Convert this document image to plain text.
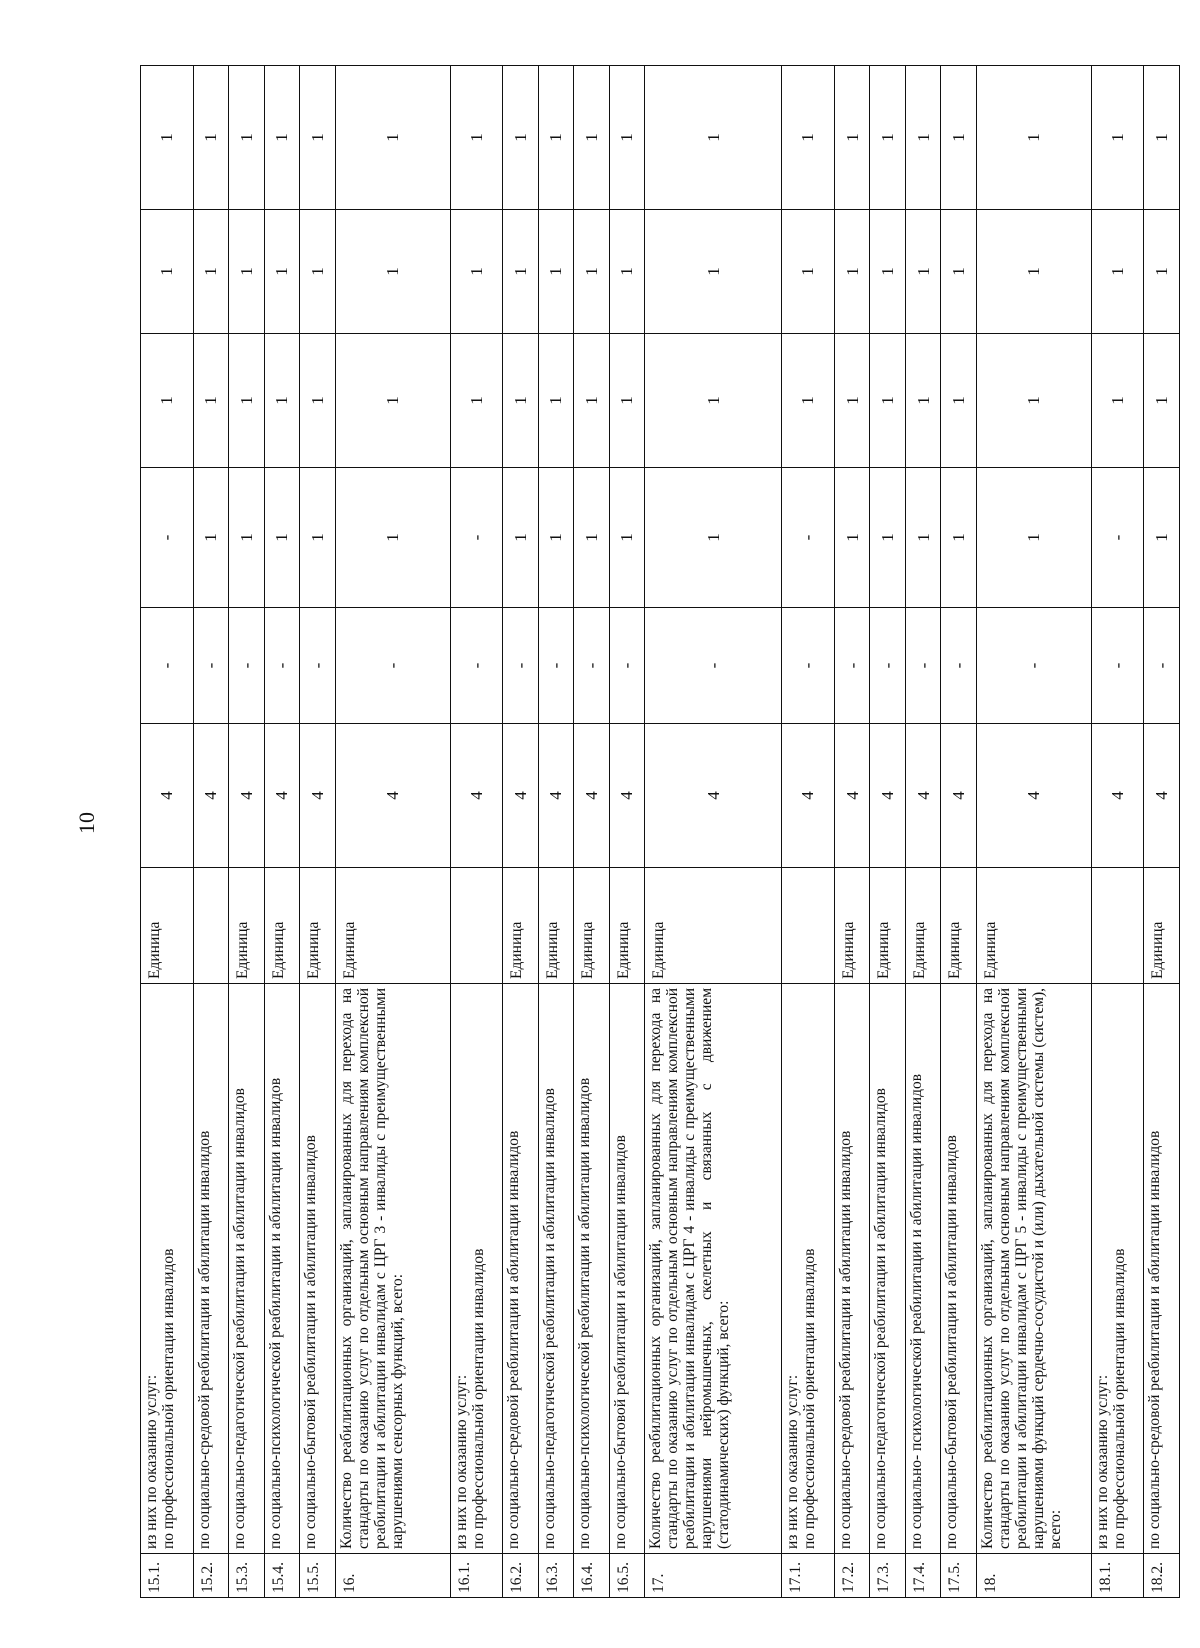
10
15.1.	из них по оказанию услуг: по профессиональной ориентации инвалидов	Единица	4	-	-	1	1	1
15.2.	по социально-средовой реабилитации и абилитации инвалидов		4	-	1	1	1	1
15.3.	по социально-педагогической реабилитации и абилитации инвалидов	Единица	4	-	1	1	1	1
15.4.	по социально-психологической реабилитации и абилитации инвалидов	Единица	4	-	1	1	1	1
15.5.	по социально-бытовой реабилитации и абилитации инвалидов	Единица	4	-	1	1	1	1
16.	Количество реабилитационных организаций, запланированных для перехода на стандарты по оказанию услуг по отдельным основным направлениям комплексной реабилитации и абилитации инвалидам с ЦРГ 3 - инвалиды с преимущественными нарушениями сенсорных функций, всего:	Единица	4	-	1	1	1	1
16.1.	из них по оказанию услуг: по профессиональной ориентации инвалидов		4	-	-	1	1	1
16.2.	по социально-средовой реабилитации и абилитации инвалидов	Единица	4	-	1	1	1	1
16.3.	по социально-педагогической реабилитации и абилитации инвалидов	Единица	4	-	1	1	1	1
16.4.	по социально-психологической реабилитации и абилитации инвалидов	Единица	4	-	1	1	1	1
16.5.	по социально-бытовой реабилитации и абилитации инвалидов	Единица	4	-	1	1	1	1
17.	Количество реабилитационных организаций, запланированных для перехода на стандарты по оказанию услуг по отдельным основным направлениям комплексной реабилитации и абилитации инвалидам с ЦРГ 4 - инвалиды с преимущественными нарушениями нейромышечных, скелетных и связанных с движением (статодинамических) функций, всего:	Единица	4	-	1	1	1	1
17.1.	из них по оказанию услуг: по профессиональной ориентации инвалидов		4	-	-	1	1	1
17.2.	по социально-средовой реабилитации и абилитации инвалидов	Единица	4	-	1	1	1	1
17.3.	по социально-педагогической реабилитации и абилитации инвалидов	Единица	4	-	1	1	1	1
17.4.	по социально- психологической реабилитации и абилитации инвалидов	Единица	4	-	1	1	1	1
17.5.	по социально-бытовой реабилитации и абилитации инвалидов	Единица	4	-	1	1	1	1
18.	Количество реабилитационных организаций, запланированных для перехода на стандарты по оказанию услуг по отдельным основным направлениям комплексной реабилитации и абилитации инвалидам с ЦРГ 5 - инвалиды с преимущественными нарушениями функций сердечно-сосудистой и (или) дыхательной системы (систем), всего:	Единица	4	-	1	1	1	1
18.1.	из них по оказанию услуг: по профессиональной ориентации инвалидов		4	-	-	1	1	1
18.2.	по социально-средовой реабилитации и абилитации инвалидов	Единица	4	-	1	1	1	1
